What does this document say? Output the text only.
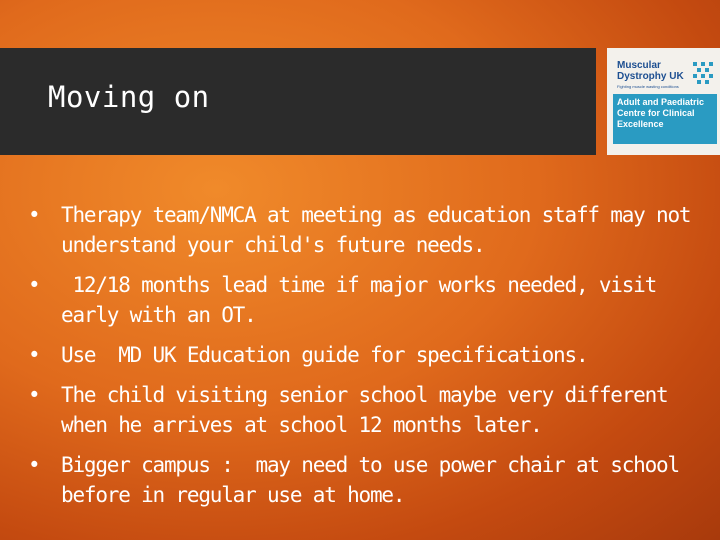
Moving on
Muscular Dystrophy UK
Fighting muscle wasting conditions
Adult and Paediatric Centre for Clinical Excellence
•	Therapy team/NMCA at meeting as education staff may not understand your child's future needs.
•	12/18 months lead time if major works needed, visit early with an OT.
•	Use  MD UK Education guide for specifications.
•	The child visiting senior school maybe very different when he arrives at school 12 months later.
•	Bigger campus :  may need to use power chair at school before in regular use at home.
